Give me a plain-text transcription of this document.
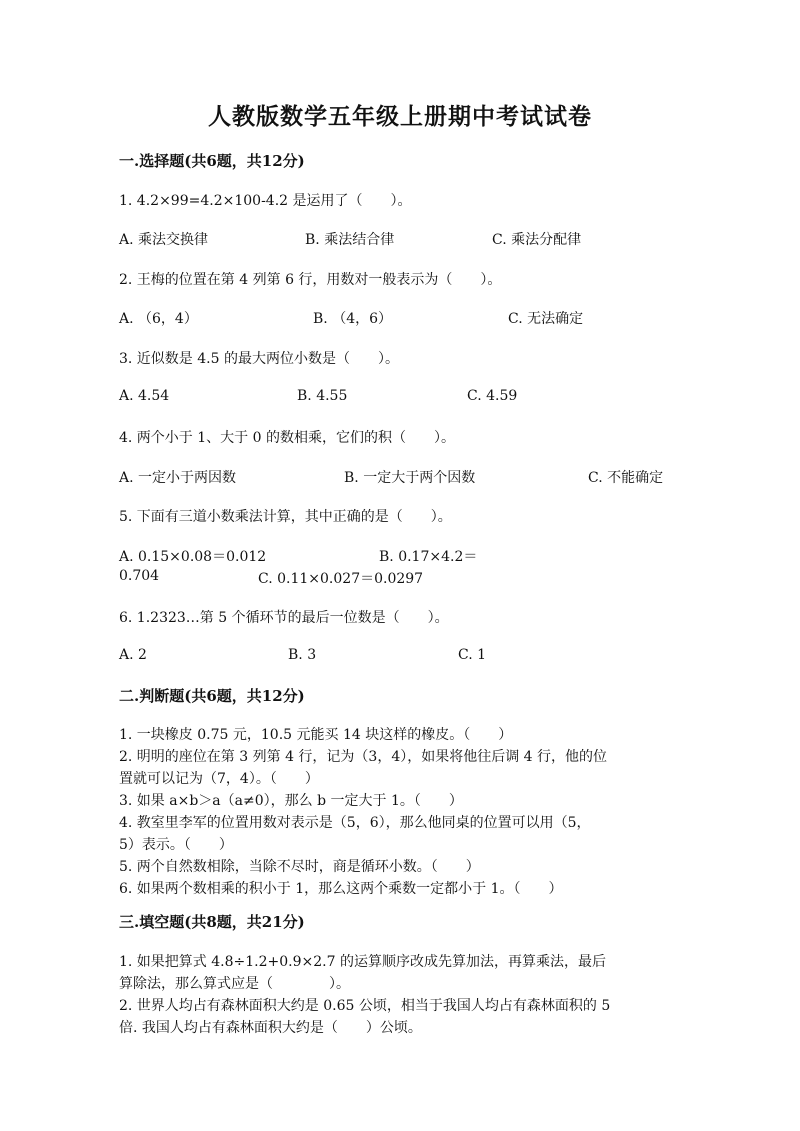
人教版数学五年级上册期中考试试卷
一.选择题(共6题，共12分)
1. 4.2×99=4.2×100-4.2 是运用了（　　）。
A. 乘法交换律	B. 乘法结合律	C. 乘法分配律
2. 王梅的位置在第 4 列第 6 行，用数对一般表示为（　　）。
A. （6，4）	B. （4，6）	C. 无法确定
3. 近似数是 4.5 的最大两位小数是（　　）。
A. 4.54	B. 4.55	C. 4.59
4. 两个小于 1、大于 0 的数相乘，它们的积（　　）。
A. 一定小于两因数	B. 一定大于两个因数	C. 不能确定
5. 下面有三道小数乘法计算，其中正确的是（　　）。
A. 0.15×0.08＝0.012	B. 0.17×4.2＝
0.704	C. 0.11×0.027＝0.0297
6. 1.2323…第 5 个循环节的最后一位数是（　　）。
A. 2	B. 3	C. 1
二.判断题(共6题，共12分)
1. 一块橡皮 0.75 元，10.5 元能买 14 块这样的橡皮。（　　）
2. 明明的座位在第 3 列第 4 行，记为（3，4），如果将他往后调 4 行，他的位
置就可以记为（7，4）。（　　）
3. 如果 a×b＞a（a≠0），那么 b 一定大于 1。（　　）
4. 教室里李军的位置用数对表示是（5，6），那么他同桌的位置可以用（5，
5）表示。（　　）
5. 两个自然数相除，当除不尽时，商是循环小数。（　　）
6. 如果两个数相乘的积小于 1，那么这两个乘数一定都小于 1。（　　）
三.填空题(共8题，共21分)
1. 如果把算式 4.8÷1.2+0.9×2.7 的运算顺序改成先算加法，再算乘法，最后
算除法，那么算式应是（　　　　）。
2. 世界人均占有森林面积大约是 0.65 公顷，相当于我国人均占有森林面积的 5
倍. 我国人均占有森林面积大约是（　　）公顷。
